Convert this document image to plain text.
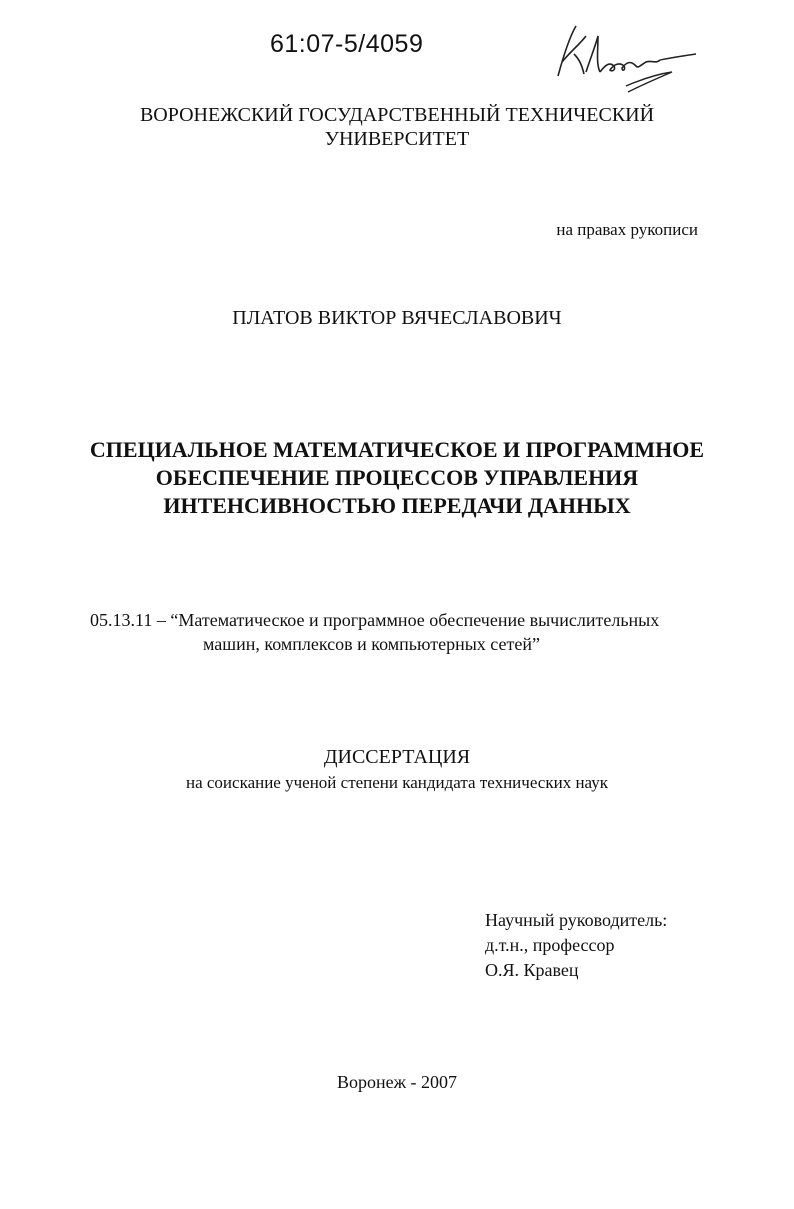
61:07-5/4059
ВОРОНЕЖСКИЙ ГОСУДАРСТВЕННЫЙ ТЕХНИЧЕСКИЙ
УНИВЕРСИТЕТ
на правах рукописи
ПЛАТОВ ВИКТОР ВЯЧЕСЛАВОВИЧ
СПЕЦИАЛЬНОЕ МАТЕМАТИЧЕСКОЕ И ПРОГРАММНОЕ
ОБЕСПЕЧЕНИЕ ПРОЦЕССОВ УПРАВЛЕНИЯ
ИНТЕНСИВНОСТЬЮ ПЕРЕДАЧИ ДАННЫХ
05.13.11 – “Математическое и программное обеспечение вычислительных
машин, комплексов и компьютерных сетей”
ДИССЕРТАЦИЯ
на соискание ученой степени кандидата технических наук
Научный руководитель:
д.т.н., профессор
О.Я. Кравец
Воронеж - 2007
